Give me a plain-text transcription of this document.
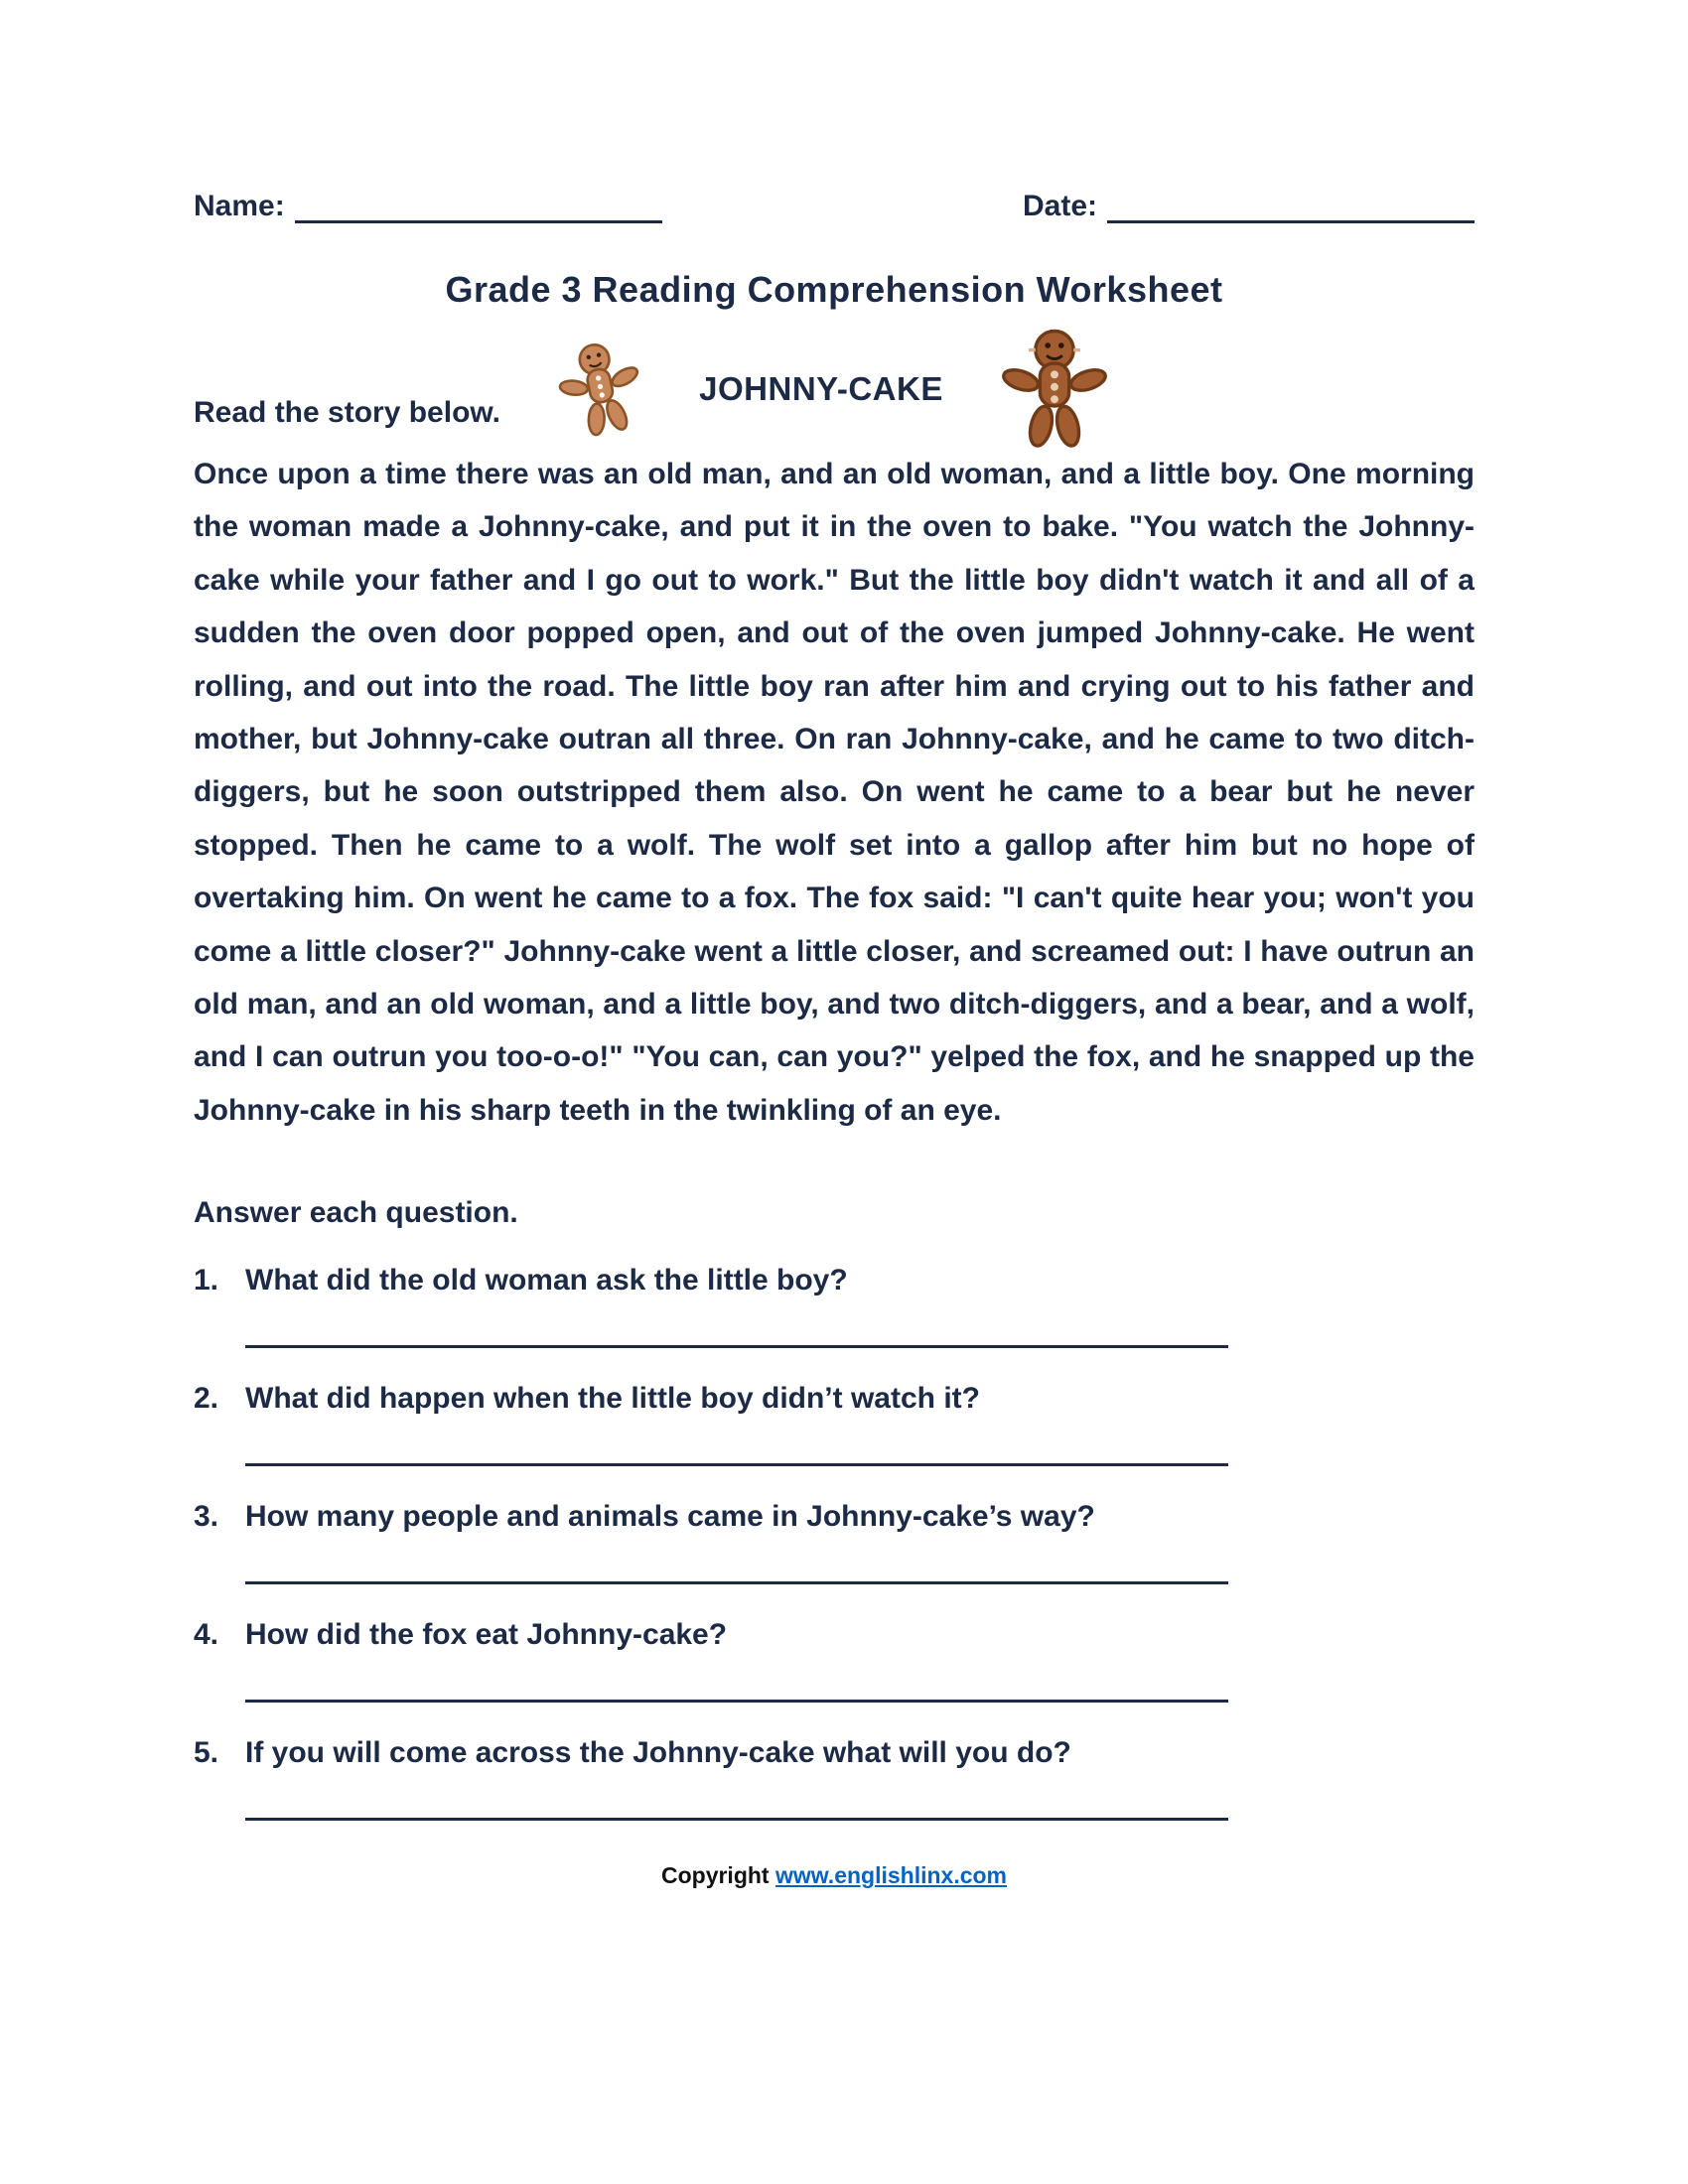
Name:	Date:
Grade 3 Reading Comprehension Worksheet
JOHNNY-CAKE
Read the story below.
Once upon a time there was an old man, and an old woman, and a little boy. One morning the woman made a Johnny-cake, and put it in the oven to bake. "You watch the Johnny-cake while your father and I go out to work." But the little boy didn't watch it and all of a sudden the oven door popped open, and out of the oven jumped Johnny-cake. He went rolling, and out into the road. The little boy ran after him and crying out to his father and mother, but Johnny-cake outran all three. On ran Johnny-cake, and he came to two ditch-diggers, but he soon outstripped them also. On went he came to a bear but he never stopped. Then he came to a wolf. The wolf set into a gallop after him but no hope of overtaking him. On went he came to a fox. The fox said: "I can't quite hear you; won't you come a little closer?" Johnny-cake went a little closer, and screamed out: I have outrun an old man, and an old woman, and a little boy, and two ditch-diggers, and a bear, and a wolf, and I can outrun you too-o-o!" "You can, can you?" yelped the fox, and he snapped up the Johnny-cake in his sharp teeth in the twinkling of an eye.
Answer each question.
1. What did the old woman ask the little boy?
2. What did happen when the little boy didn’t watch it?
3. How many people and animals came in Johnny-cake’s way?
4. How did the fox eat Johnny-cake?
5. If you will come across the Johnny-cake what will you do?
Copyright www.englishlinx.com
